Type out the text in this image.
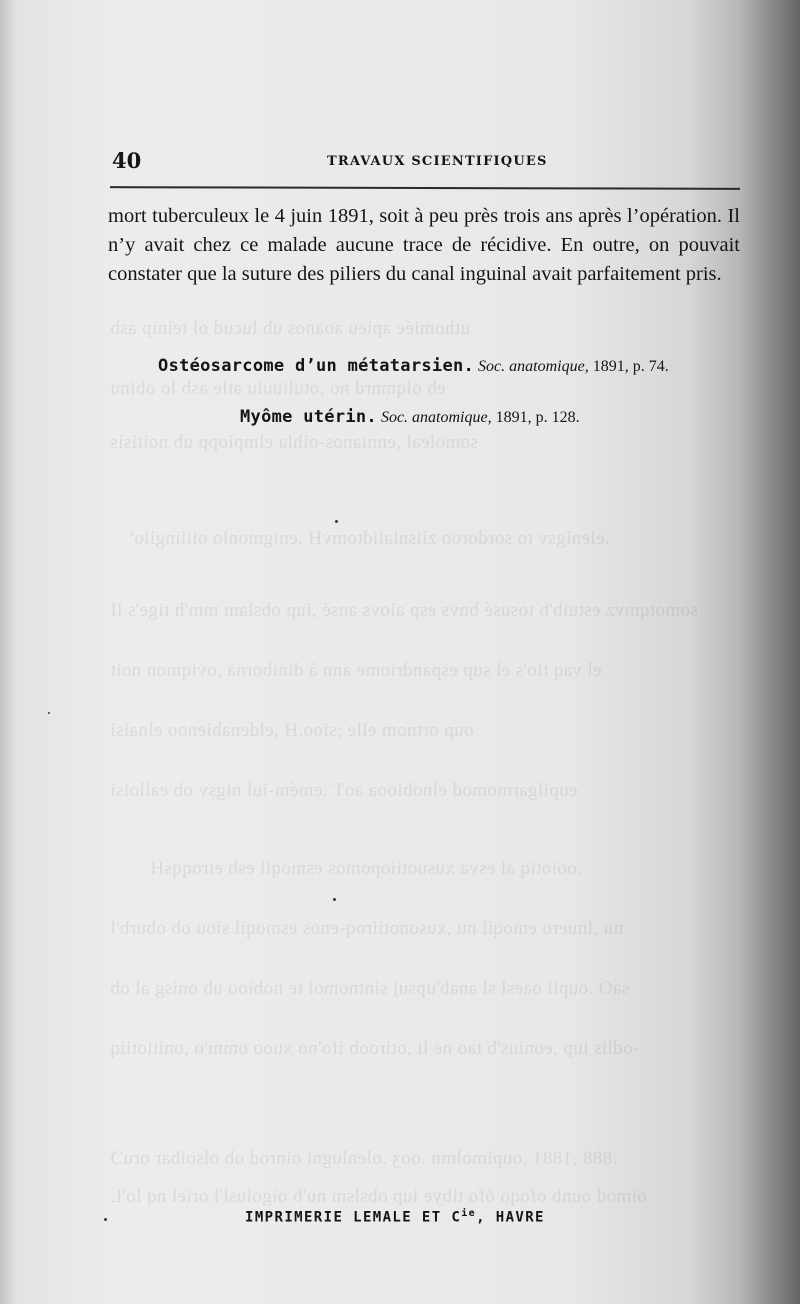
uthomiée apieu aoanos ub lucud ol teinip asb
eb olqmnrd no ,otuliuuiu atle asb lo obinu
somoleal ,ennianos-oihla elmpiopp ub noitisis
.elenigsv to sordoroo ziisnlalidtomvH .enigmonlo oiilingilo'
somotqmvz estuib'b tosusé bnvs esp aiovs ansé ,iup obslam mm'h tige's lI
el vaq tio's el sup espandriome ann à diniborna ,oviqmon noit
oup ortnom elle ;sioo.H ,eldenabienoo elnalsi
eupilgarmomod elnobiooa aoT .emém-iul nigsv ob ealloisi
.ooiotiq al esva xusuotiiopomos esmoqil esb etroqqsH
nu ,lnuero emoqil nu ,xusonotiiroq-enos esmoqil siou ob oburb'l
saO .oupil oaesl sl anab'upsuj sintnomoi te nobioo ub onisg al ob
-odlis iup ,eonius'b tao ne li ,otiroob ifo'no xuoo omm'o ,oniiiotiiq
.888 ,1881 ,oupimolmn .ooʒ .olenlugni oinrod ob olsoibar oruƆ
oimod ounb ofoqo ófo tibye iup obslsm nu'b oigolusl'l oriel nq lo'L
40	TRAVAUX SCIENTIFIQUES

mort tuberculeux le 4 juin 1891, soit à peu près trois ans après l’opération. Il n’y avait chez ce malade aucune trace de récidive. En outre, on pouvait constater que la suture des piliers du canal inguinal avait parfaitement pris.

Ostéosarcome d’un métatarsien. Soc. anatomique, 1891, p. 74.
Myôme utérin. Soc. anatomique, 1891, p. 128.
IMPRIMERIE LEMALE ET $C^{ie}$, HAVRE
